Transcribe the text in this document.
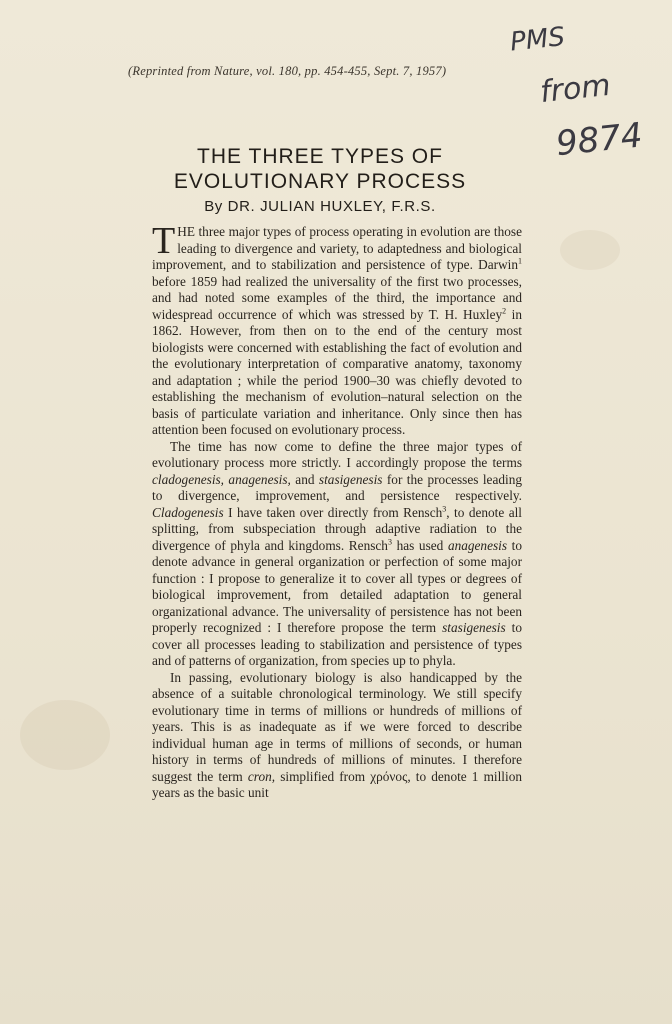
(Reprinted from Nature, vol. 180, pp. 454-455, Sept. 7, 1957)
PMS
from
9874
THE THREE TYPES OF
EVOLUTIONARY PROCESS
By DR. JULIAN HUXLEY, F.R.S.

THE three major types of process operating in evolution are those leading to divergence and variety, to adaptedness and biological improvement, and to stabilization and persistence of type. Darwin$^1$ before 1859 had realized the universality of the first two processes, and had noted some examples of the third, the importance and widespread occurrence of which was stressed by T. H. Huxley$^2$ in 1862. However, from then on to the end of the century most biologists were concerned with establishing the fact of evolution and the evolutionary interpretation of comparative anatomy, taxonomy and adaptation ; while the period 1900–30 was chiefly devoted to establishing the mechanism of evolution–natural selection on the basis of particulate variation and inheritance. Only since then has attention been focused on evolutionary process.

The time has now come to define the three major types of evolutionary process more strictly. I accordingly propose the terms cladogenesis, anagenesis, and stasigenesis for the processes leading to divergence, improvement, and persistence respectively. Cladogenesis I have taken over directly from Rensch$^3$, to denote all splitting, from subspeciation through adaptive radiation to the divergence of phyla and kingdoms. Rensch$^3$ has used anagenesis to denote advance in general organization or perfection of some major function : I propose to generalize it to cover all types or degrees of biological improvement, from detailed adaptation to general organizational advance. The universality of persistence has not been properly recognized : I therefore propose the term stasigenesis to cover all processes leading to stabilization and persistence of types and of patterns of organization, from species up to phyla.

In passing, evolutionary biology is also handicapped by the absence of a suitable chronological terminology. We still specify evolutionary time in terms of millions or hundreds of millions of years. This is as inadequate as if we were forced to describe individual human age in terms of millions of seconds, or human history in terms of hundreds of millions of minutes. I therefore suggest the term cron, simplified from χρόνος, to denote 1 million years as the basic unit
